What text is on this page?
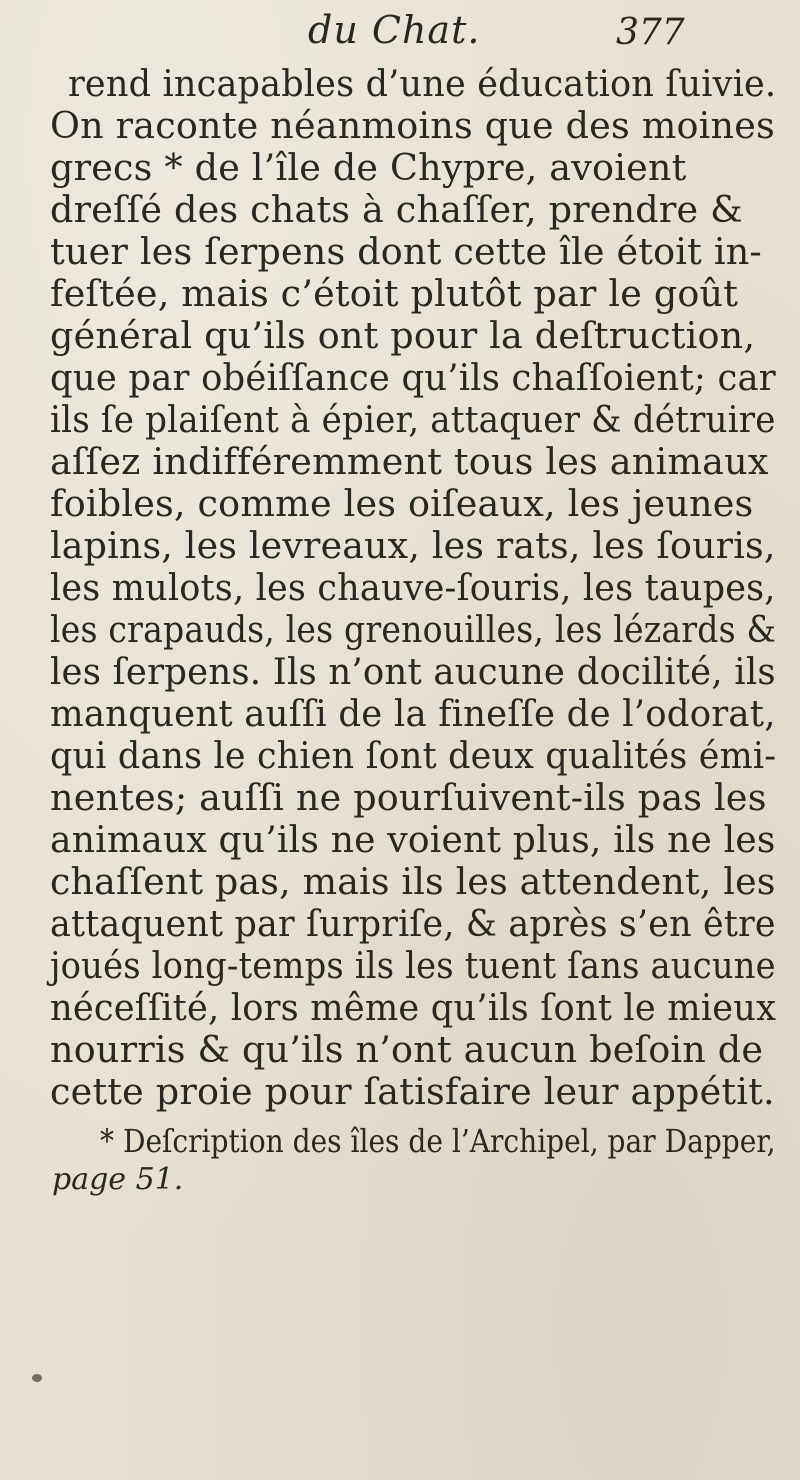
du Chat.	377
rend incapables d’une éducation ſuivie.
On raconte néanmoins que des moines
grecs * de l’île de Chypre, avoient
dreſſé des chats à chaſſer, prendre &
tuer les ſerpens dont cette île étoit in-
feſtée, mais c’étoit plutôt par le goût
général qu’ils ont pour la deſtruction,
que par obéiſſance qu’ils chaſſoient; car
ils ſe plaiſent à épier, attaquer & détruire
aſſez indifféremment tous les animaux
foibles, comme les oiſeaux, les jeunes
lapins, les levreaux, les rats, les ſouris,
les mulots, les chauve-ſouris, les taupes,
les crapauds, les grenouilles, les lézards &
les ſerpens. Ils n’ont aucune docilité, ils
manquent auſſi de la fineſſe de l’odorat,
qui dans le chien ſont deux qualités émi-
nentes; auſſi ne pourſuivent-ils pas les
animaux qu’ils ne voient plus, ils ne les
chaſſent pas, mais ils les attendent, les
attaquent par ſurpriſe, & après s’en être
joués long-temps ils les tuent ſans aucune
néceſſité, lors même qu’ils ſont le mieux
nourris & qu’ils n’ont aucun beſoin de
cette proie pour ſatisfaire leur appétit.
* Deſcription des îles de l’Archipel, par Dapper,
page 51.
